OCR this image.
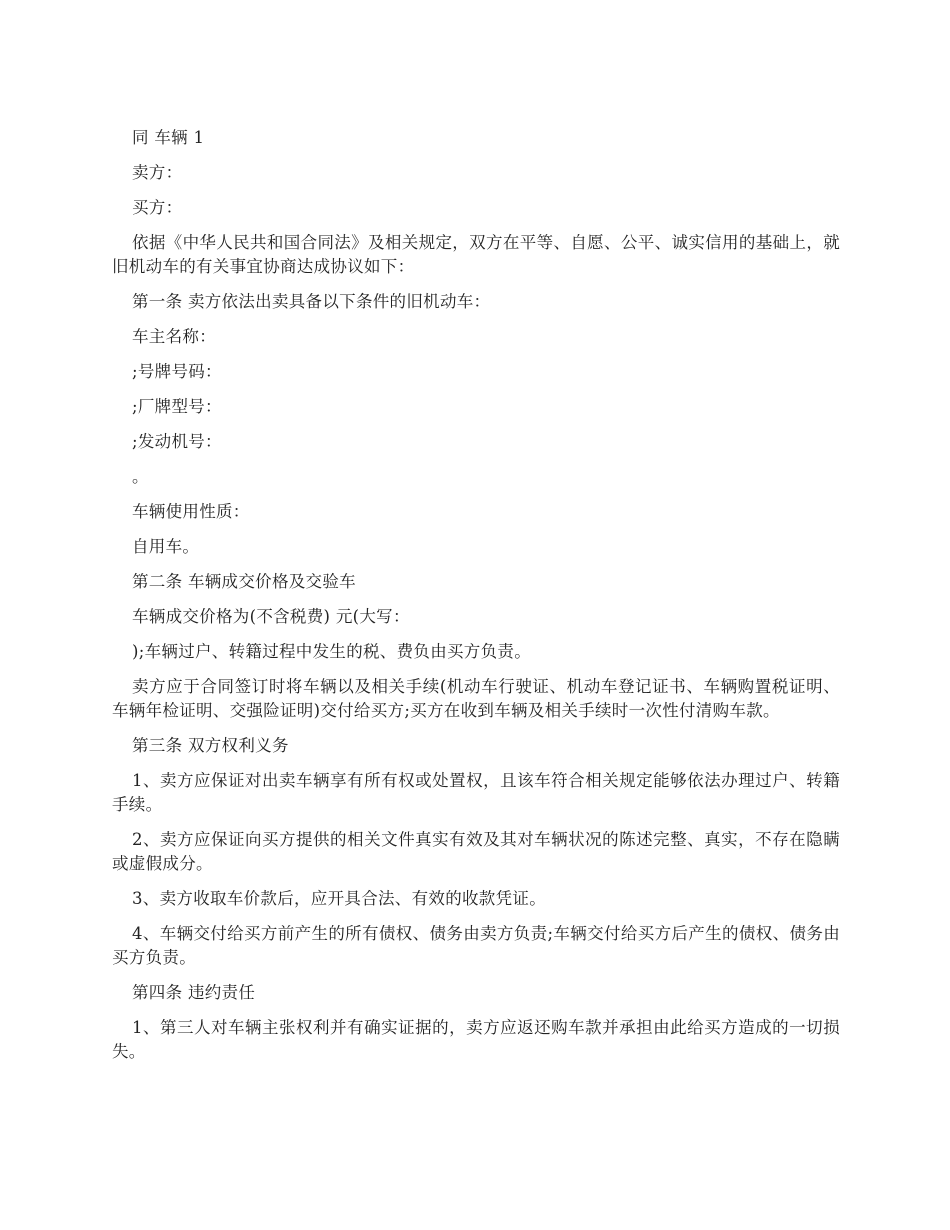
同 车辆 1

卖方：

买方：

依据《中华人民共和国合同法》及相关规定，双方在平等、自愿、公平、诚实信用的基础上，就旧机动车的有关事宜协商达成协议如下：

第一条 卖方依法出卖具备以下条件的旧机动车：

车主名称：

;号牌号码：

;厂牌型号：

;发动机号：

。

车辆使用性质：

自用车。

第二条 车辆成交价格及交验车

车辆成交价格为(不含税费) 元(大写：

);车辆过户、转籍过程中发生的税、费负由买方负责。

卖方应于合同签订时将车辆以及相关手续(机动车行驶证、机动车登记证书、车辆购置税证明、车辆年检证明、交强险证明)交付给买方;买方在收到车辆及相关手续时一次性付清购车款。

第三条 双方权利义务

1、卖方应保证对出卖车辆享有所有权或处置权，且该车符合相关规定能够依法办理过户、转籍手续。

2、卖方应保证向买方提供的相关文件真实有效及其对车辆状况的陈述完整、真实，不存在隐瞒或虚假成分。

3、卖方收取车价款后，应开具合法、有效的收款凭证。

4、车辆交付给买方前产生的所有债权、债务由卖方负责;车辆交付给买方后产生的债权、债务由买方负责。

第四条 违约责任

1、第三人对车辆主张权利并有确实证据的，卖方应返还购车款并承担由此给买方造成的一切损失。
